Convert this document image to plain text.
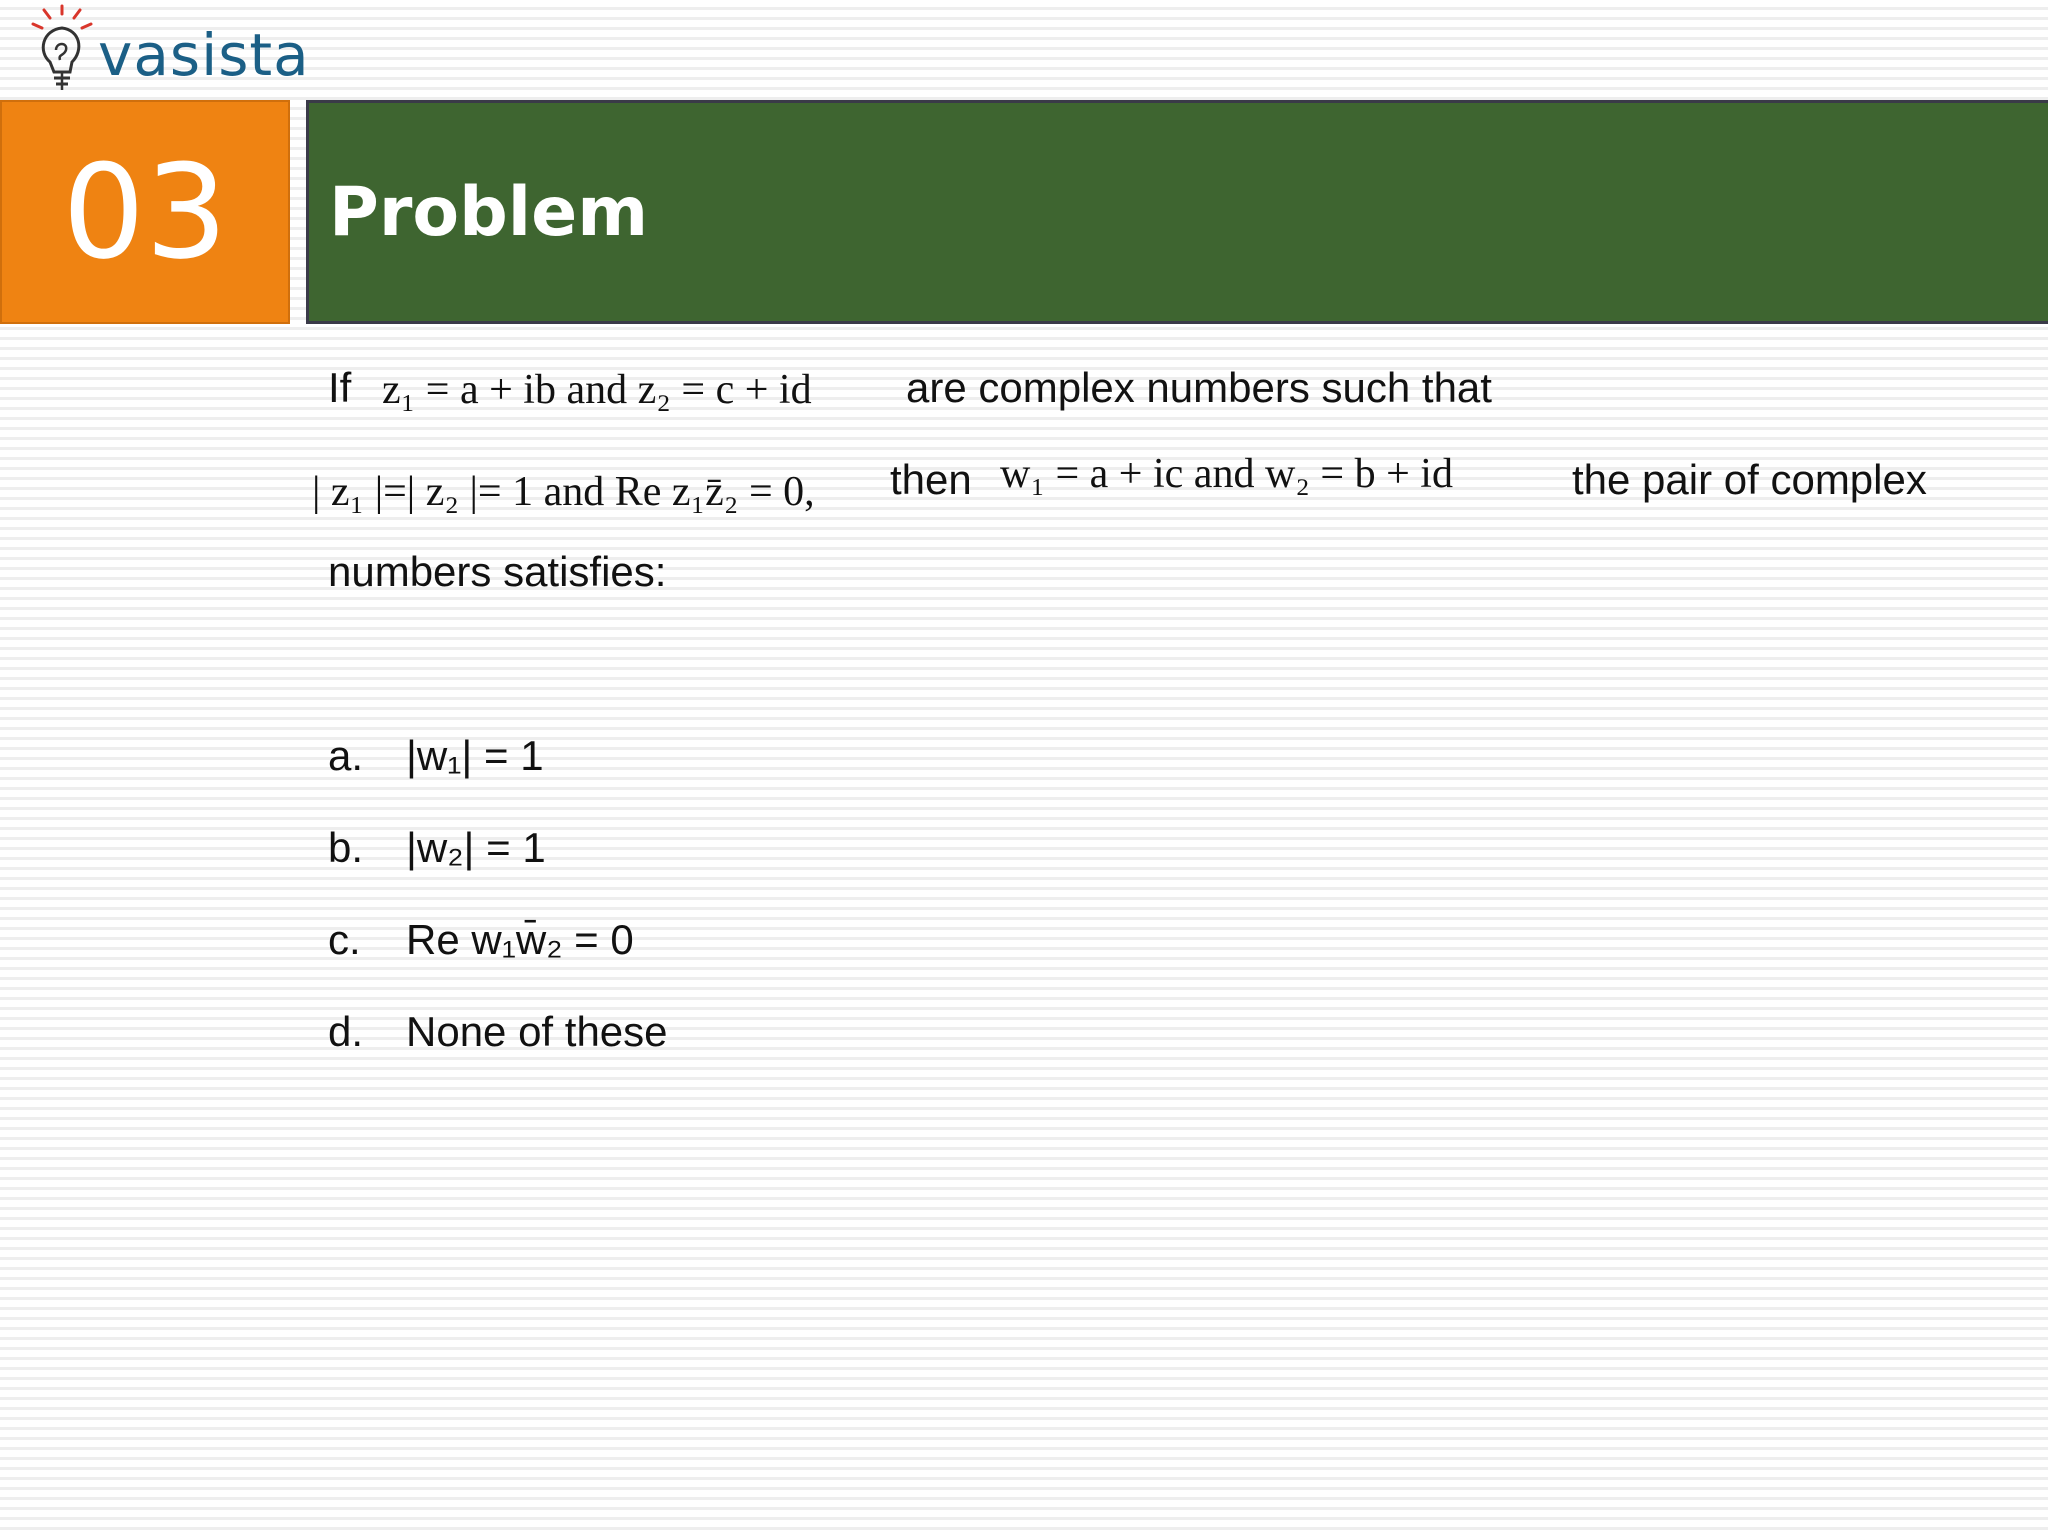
vasista
03 Problem
If z₁ = a + ib and z₂ = c + id are complex numbers such that
| z₁ |=| z₂ |= 1 and Re z₁z̄₂ = 0, then w₁ = a + ic and w₂ = b + id	the pair of complex
numbers satisfies:
a. |w₁| = 1
b. |w₂| = 1
c. Re w₁w̄₂ = 0
d. None of these
